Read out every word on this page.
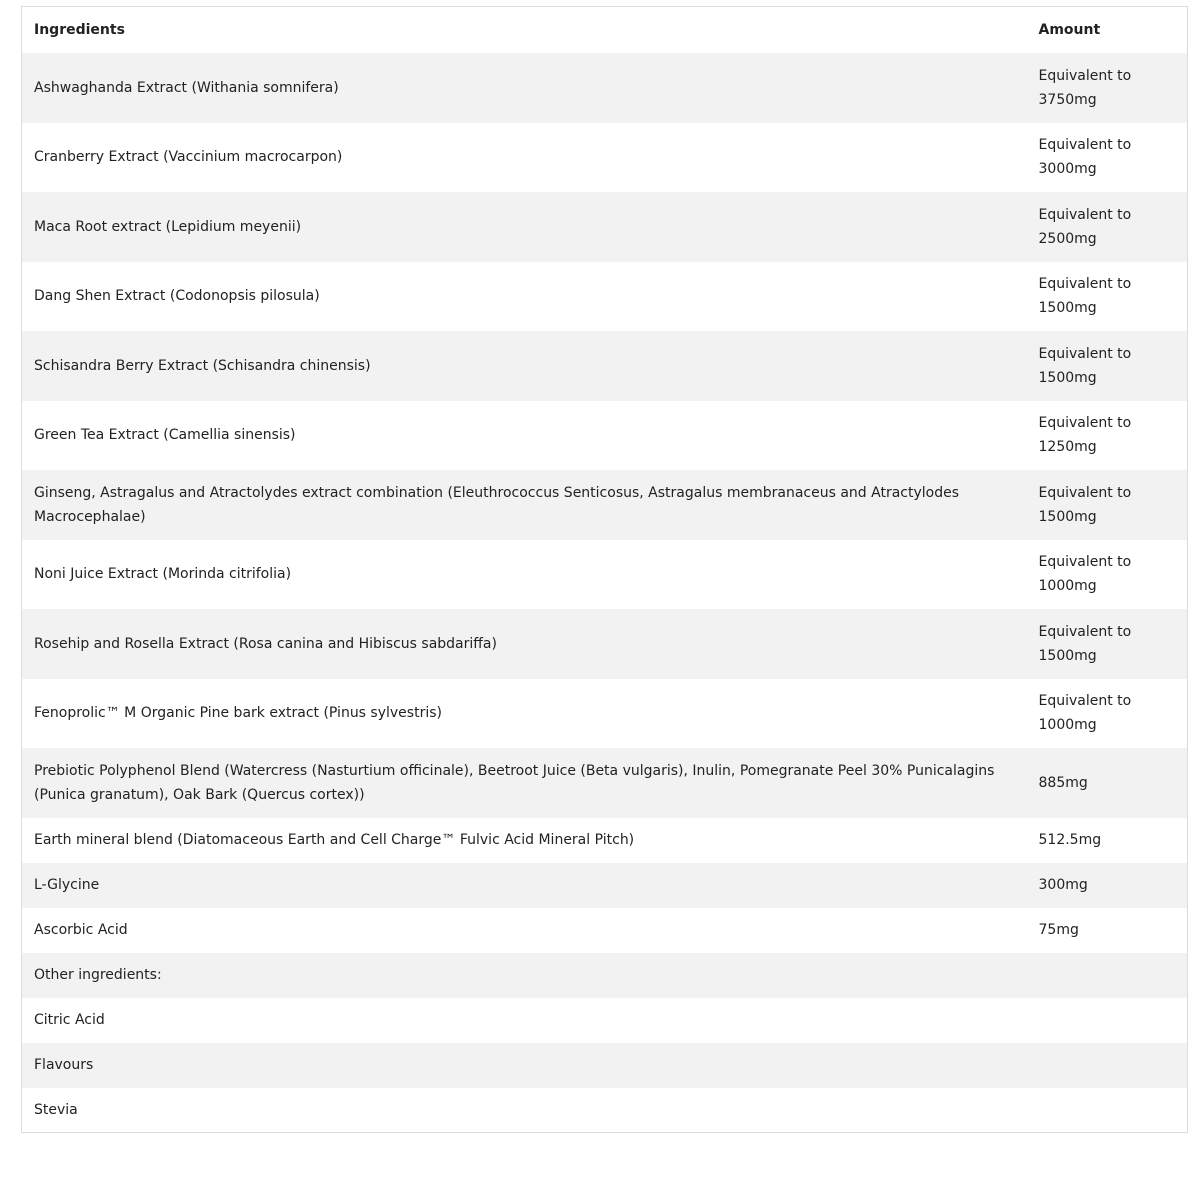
Ingredients	Amount
Ashwaghanda Extract (Withania somnifera)	Equivalent to 3750mg
Cranberry Extract (Vaccinium macrocarpon)	Equivalent to 3000mg
Maca Root extract (Lepidium meyenii)	Equivalent to 2500mg
Dang Shen Extract (Codonopsis pilosula)	Equivalent to 1500mg
Schisandra Berry Extract (Schisandra chinensis)	Equivalent to 1500mg
Green Tea Extract (Camellia sinensis)	Equivalent to 1250mg
Ginseng, Astragalus and Atractolydes extract combination (Eleuthrococcus Senticosus, Astragalus membranaceus and Atractylodes Macrocephalae)	Equivalent to 1500mg
Noni Juice Extract (Morinda citrifolia)	Equivalent to 1000mg
Rosehip and Rosella Extract (Rosa canina and Hibiscus sabdariffa)	Equivalent to 1500mg
Fenoprolic™ M Organic Pine bark extract (Pinus sylvestris)	Equivalent to 1000mg
Prebiotic Polyphenol Blend (Watercress (Nasturtium officinale), Beetroot Juice (Beta vulgaris), Inulin, Pomegranate Peel 30% Punicalagins (Punica granatum), Oak Bark (Quercus cortex))	885mg
Earth mineral blend (Diatomaceous Earth and Cell Charge™ Fulvic Acid Mineral Pitch)	512.5mg
L-Glycine	300mg
Ascorbic Acid	75mg
Other ingredients:	
Citric Acid	
Flavours	
Stevia	
